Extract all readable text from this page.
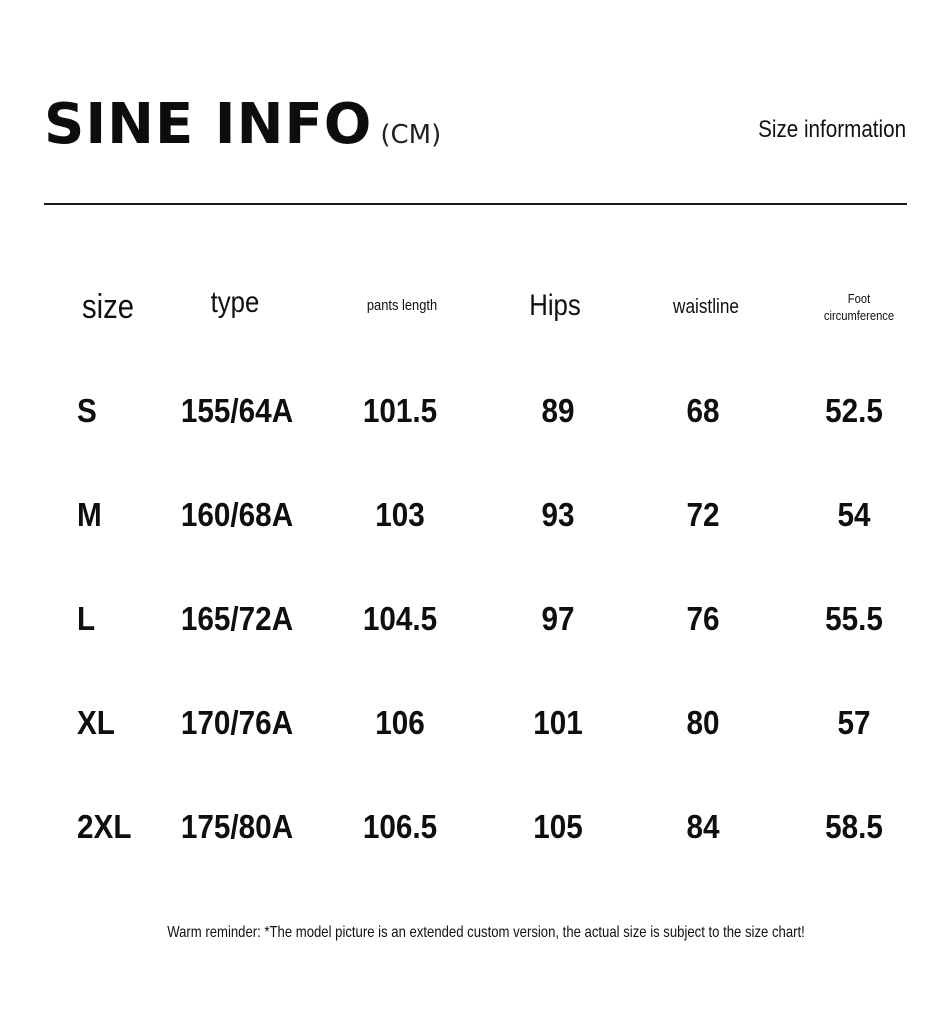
SINE INFO (CM)	Size information
size	type	pants length	Hips	waistline	Foot
circumference
S	155/64A 101.5	89	68	52.5
M 160/68A 103	93	72	54
L	165/72A 104.5	97	76	55.5
XL 170/76A 106	101	80	57
2XL 175/80A 106.5	105	84	58.5
Warm reminder: *The model picture is an extended custom version, the actual size is subject to the size chart!
